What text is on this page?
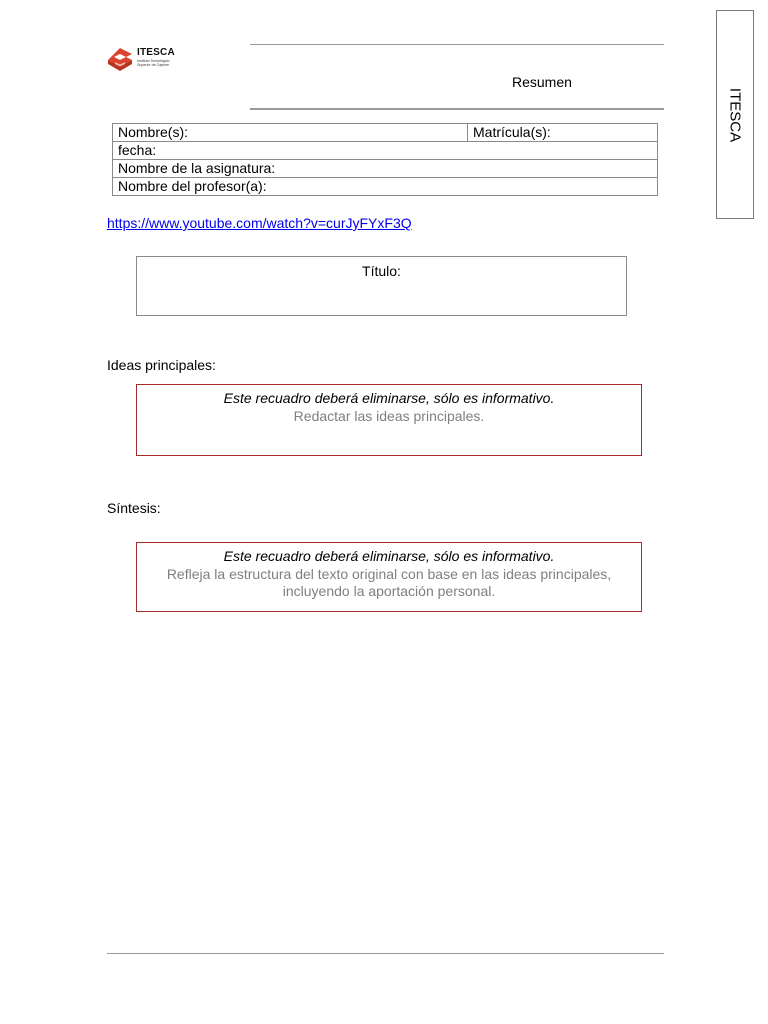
ITESCA
Instituto Tecnológico
Superior de Cajeme
Resumen
ITESCA
Nombre(s):	Matrícula(s):
fecha:
Nombre de la asignatura:
Nombre del profesor(a):
https://www.youtube.com/watch?v=curJyFYxF3Q
Título:
Ideas principales:
Este recuadro deberá eliminarse, sólo es informativo.
Redactar las ideas principales.
Síntesis:
Este recuadro deberá eliminarse, sólo es informativo.
Refleja la estructura del texto original con base en las ideas principales,
incluyendo la aportación personal.
